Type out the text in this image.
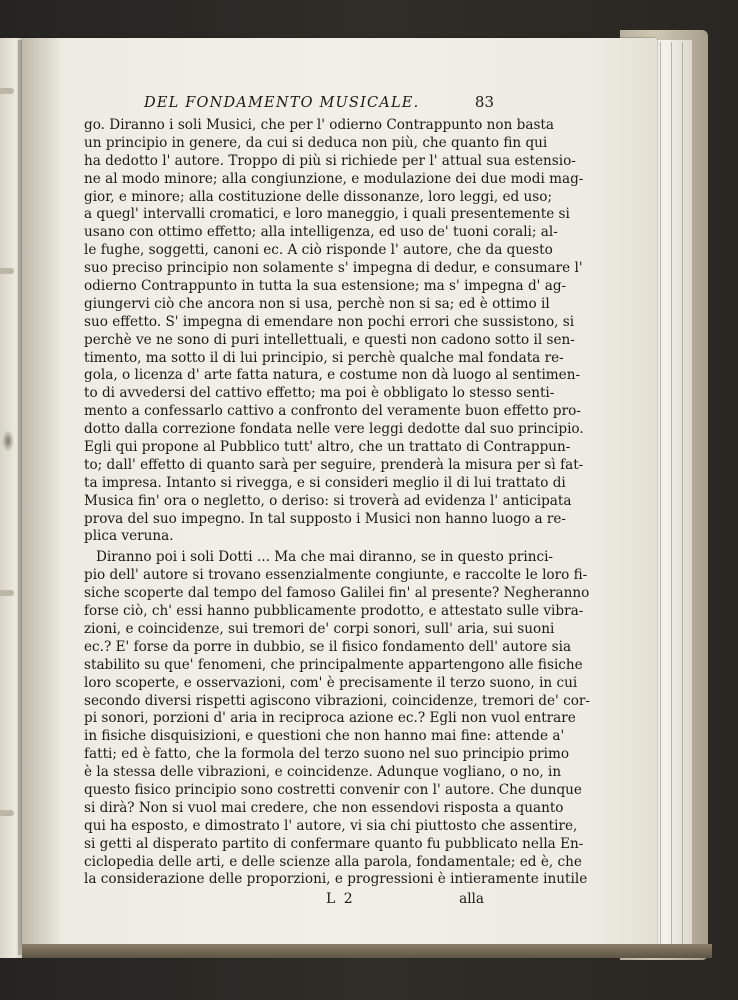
DEL FONDAMENTO MUSICALE.	83
go. Diranno i soli Musici, che per l' odierno Contrappunto non basta
un principio in genere, da cui si deduca non più, che quanto fin qui
ha dedotto l' autore. Troppo di più si richiede per l' attual sua estensio-
ne al modo minore; alla congiunzione, e modulazione dei due modi mag-
gior, e minore; alla costituzione delle dissonanze, loro leggi, ed uso;
a quegl' intervalli cromatici, e loro maneggio, i quali presentemente si
usano con ottimo effetto; alla intelligenza, ed uso de' tuoni corali; al-
le fughe, soggetti, canoni ec. A ciò risponde l' autore, che da questo
suo preciso principio non solamente s' impegna di dedur, e consumare l'
odierno Contrappunto in tutta la sua estensione; ma s' impegna d' ag-
giungervi ciò che ancora non si usa, perchè non si sa; ed è ottimo il
suo effetto. S' impegna di emendare non pochi errori che sussistono, si
perchè ve ne sono di puri intellettuali, e questi non cadono sotto il sen-
timento, ma sotto il di lui principio, si perchè qualche mal fondata re-
gola, o licenza d' arte fatta natura, e costume non dà luogo al sentimen-
to di avvedersi del cattivo effetto; ma poi è obbligato lo stesso senti-
mento a confessarlo cattivo a confronto del veramente buon effetto pro-
dotto dalla correzione fondata nelle vere leggi dedotte dal suo principio.
Egli qui propone al Pubblico tutt' altro, che un trattato di Contrappun-
to; dall' effetto di quanto sarà per seguire, prenderà la misura per sì fat-
ta impresa. Intanto si rivegga, e si consideri meglio il di lui trattato di
Musica fin' ora o negletto, o deriso: si troverà ad evidenza l' anticipata
prova del suo impegno. In tal supposto i Musici non hanno luogo a re-
plica veruna.
Diranno poi i soli Dotti ... Ma che mai diranno, se in questo princi-
pio dell' autore si trovano essenzialmente congiunte, e raccolte le loro fi-
siche scoperte dal tempo del famoso Galilei fin' al presente? Negheranno
forse ciò, ch' essi hanno pubblicamente prodotto, e attestato sulle vibra-
zioni, e coincidenze, sui tremori de' corpi sonori, sull' aria, sui suoni
ec.? E' forse da porre in dubbio, se il fisico fondamento dell' autore sia
stabilito su que' fenomeni, che principalmente appartengono alle fisiche
loro scoperte, e osservazioni, com' è precisamente il terzo suono, in cui
secondo diversi rispetti agiscono vibrazioni, coincidenze, tremori de' cor-
pi sonori, porzioni d' aria in reciproca azione ec.? Egli non vuol entrare
in fisiche disquisizioni, e questioni che non hanno mai fine: attende a'
fatti; ed è fatto, che la formola del terzo suono nel suo principio primo
è la stessa delle vibrazioni, e coincidenze. Adunque vogliano, o no, in
questo fisico principio sono costretti convenir con l' autore. Che dunque
si dirà? Non si vuol mai credere, che non essendovi risposta a quanto
qui ha esposto, e dimostrato l' autore, vi sia chi piuttosto che assentire,
si getti al disperato partito di confermare quanto fu pubblicato nella En-
ciclopedia delle arti, e delle scienze alla parola, fondamentale; ed è, che
la considerazione delle proporzioni, e progressioni è intieramente inutile
L 2	alla
